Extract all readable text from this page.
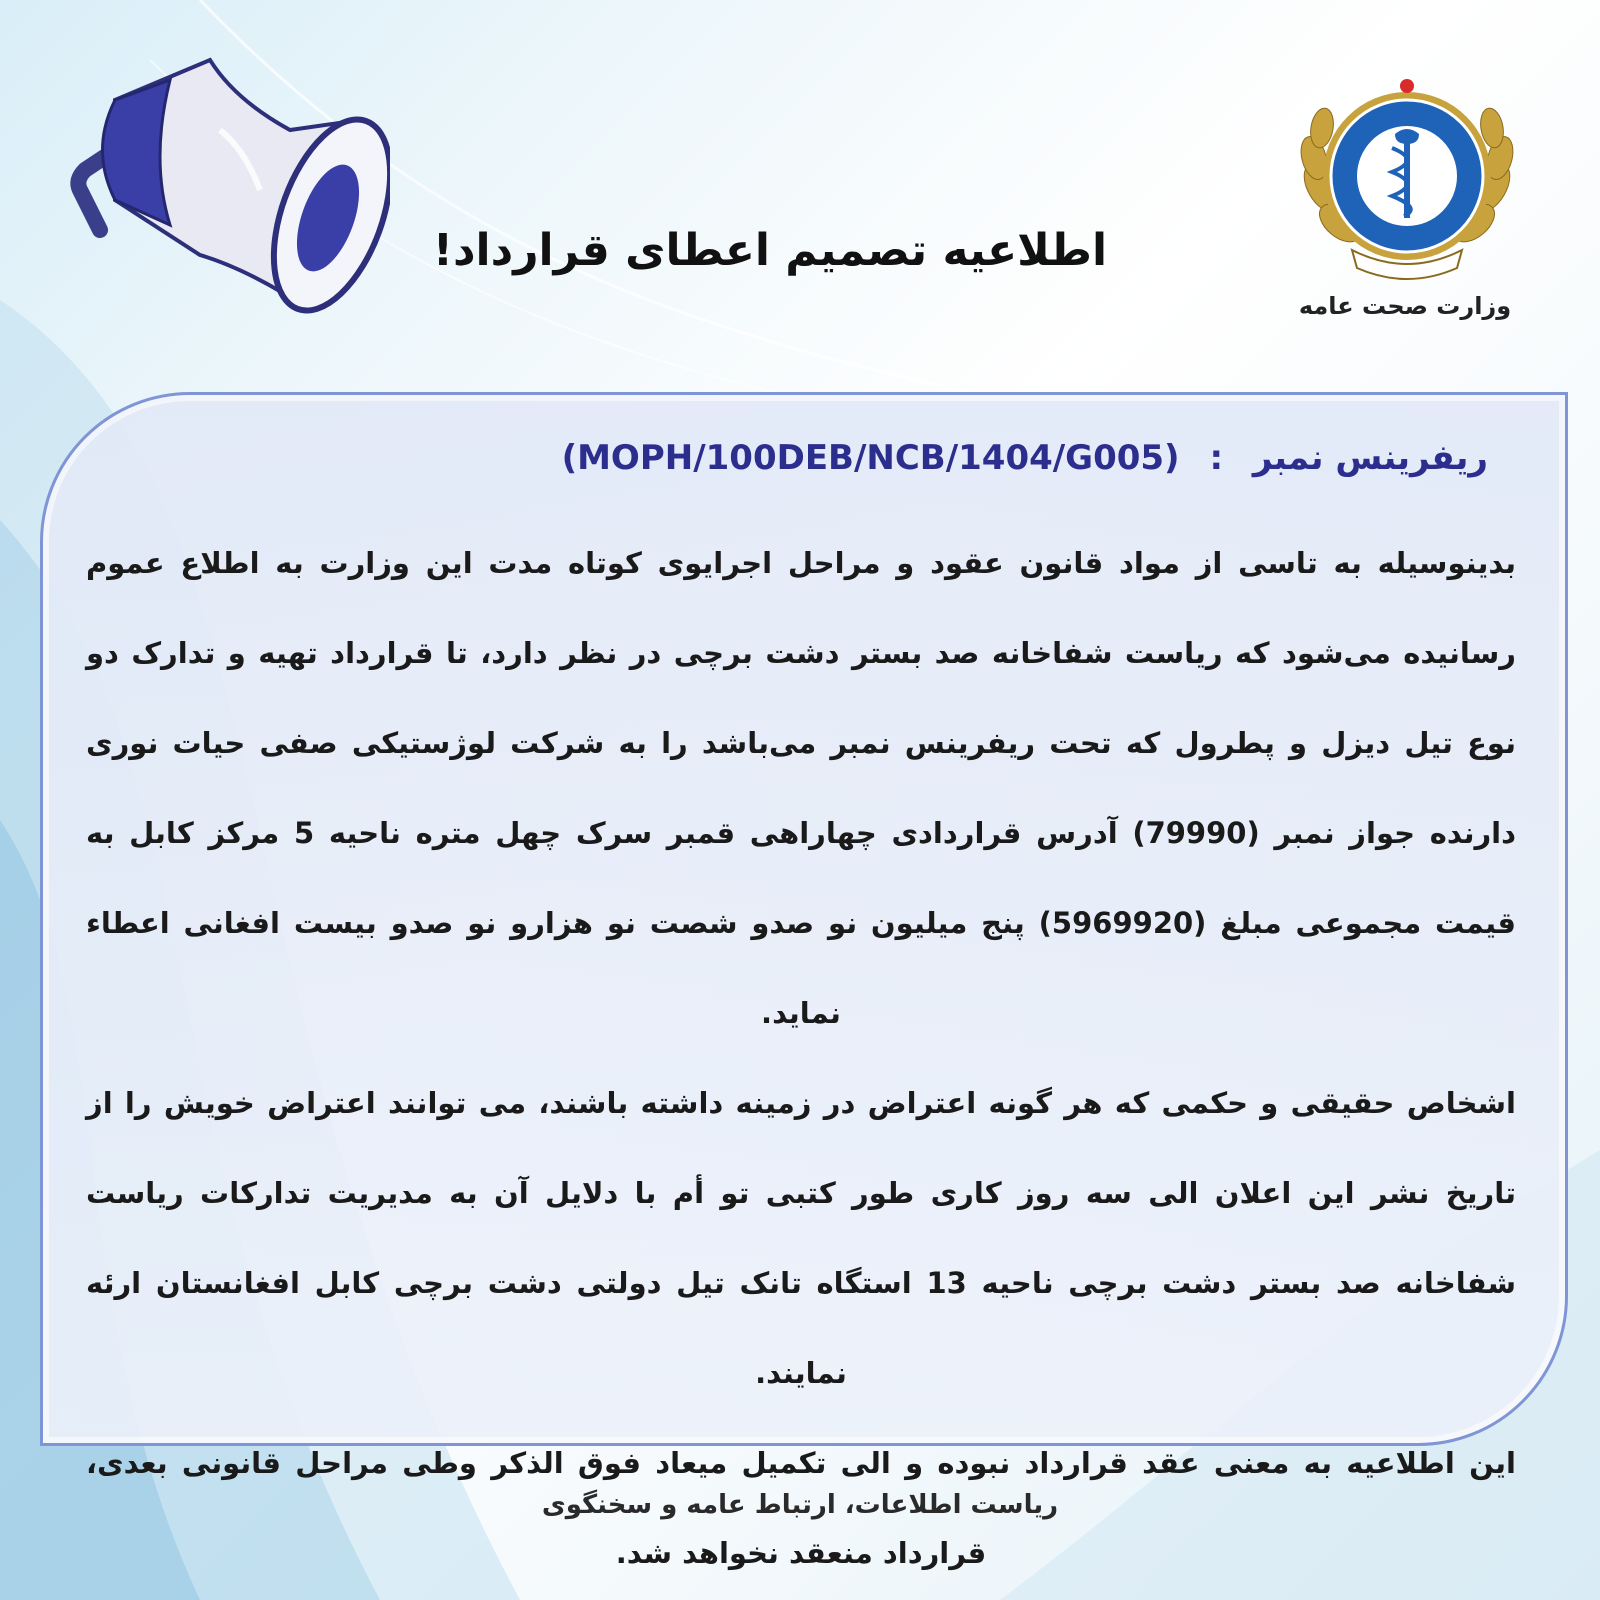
اطلاعیه تصمیم اعطای قرارداد!
وزارت صحت عامه
ریفرینس نمبر : (MOPH/100DEB/NCB/1404/G005)

بدینوسیله به تاسی از مواد قانون عقود و مراحل اجرایوی کوتاه مدت این وزارت به اطلاع عموم رسانیده می‌شود که ریاست شفاخانه صد بستر دشت برچی در نظر دارد، تا قرارداد تهیه و تدارک دو نوع تیل دیزل و پطرول که تحت ریفرینس نمبر می‌باشد را به شرکت لوژستیکی صفی حیات نوری دارنده جواز نمبر (79990) آدرس قراردادی چهاراهی قمبر سرک چهل متره ناحیه 5 مرکز کابل به قیمت مجموعی مبلغ (5969920) پنج میلیون نو صدو شصت نو هزارو نو صدو بیست افغانی اعطاء نماید.

اشخاص حقیقی و حکمی که هر گونه اعتراض در زمینه داشته باشند، می توانند اعتراض خویش را از تاریخ نشر این اعلان الی سه روز کاری طور کتبی تو أم با دلایل آن به مدیریت تدارکات ریاست شفاخانه صد بستر دشت برچی ناحیه 13 استگاه تانک تیل دولتی دشت برچی کابل افغانستان ارئه نمایند.

این اطلاعیه به معنی عقد قرارداد نبوده و الی تکمیل میعاد فوق الذکر وطی مراحل قانونی بعدی، قرارداد منعقد نخواهد شد.

ریاست اطلاعات، ارتباط عامه و سخنگوی
